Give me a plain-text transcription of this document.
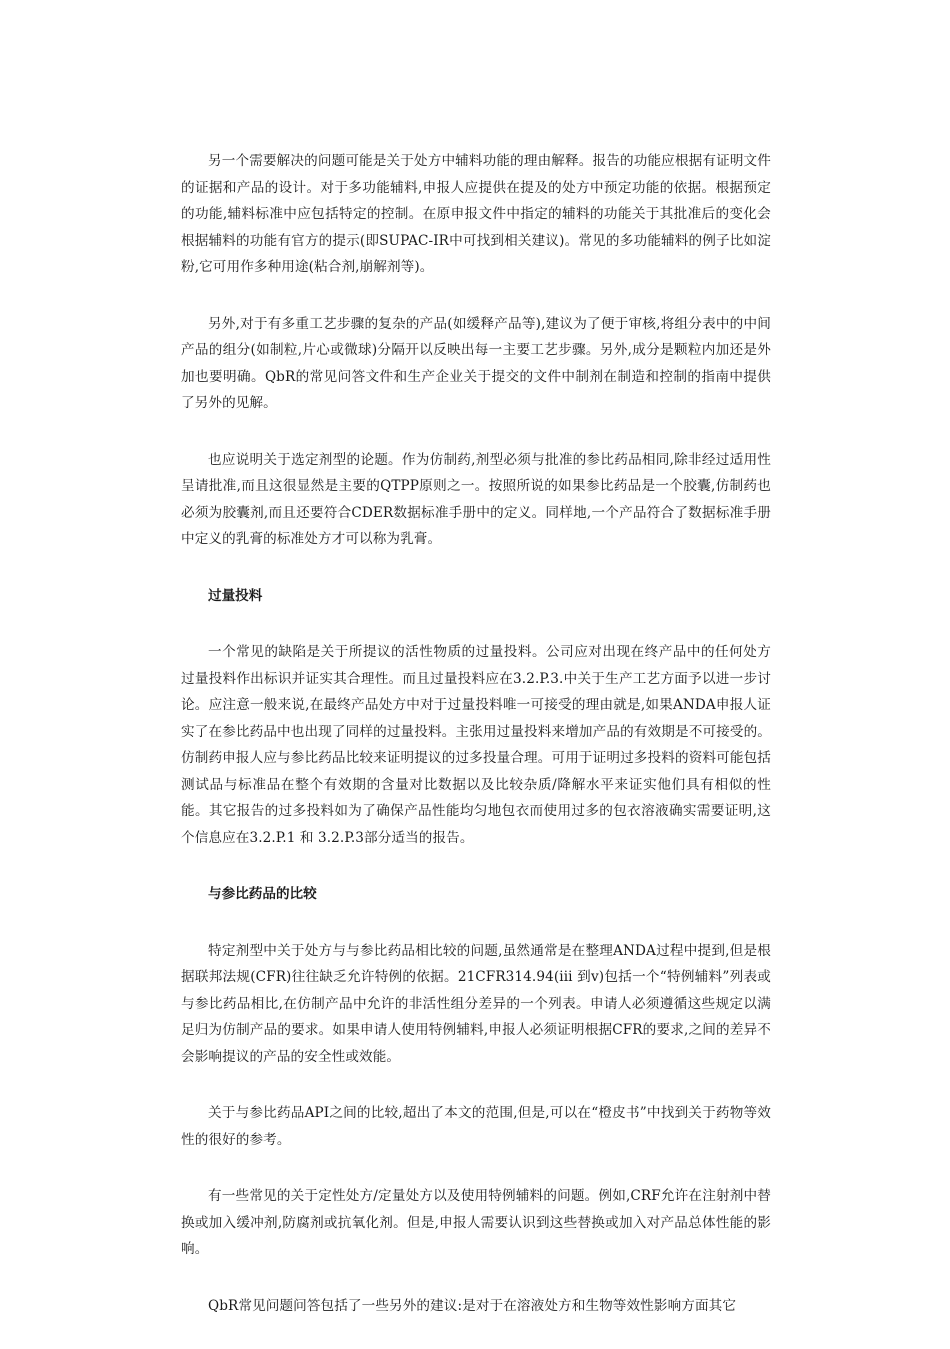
另一个需要解决的问题可能是关于处方中辅料功能的理由解释。报告的功能应根据有证明文件的证据和产品的设计。对于多功能辅料,申报人应提供在提及的处方中预定功能的依据。根据预定的功能,辅料标准中应包括特定的控制。在原申报文件中指定的辅料的功能关于其批准后的变化会根据辅料的功能有官方的提示(即SUPAC-IR中可找到相关建议)。常见的多功能辅料的例子比如淀粉,它可用作多种用途(粘合剂,崩解剂等)。

另外,对于有多重工艺步骤的复杂的产品(如缓释产品等),建议为了便于审核,将组分表中的中间产品的组分(如制粒,片心或微球)分隔开以反映出每一主要工艺步骤。另外,成分是颗粒内加还是外加也要明确。QbR的常见问答文件和生产企业关于提交的文件中制剂在制造和控制的指南中提供了另外的见解。

也应说明关于选定剂型的论题。作为仿制药,剂型必须与批准的参比药品相同,除非经过适用性呈请批准,而且这很显然是主要的QTPP原则之一。按照所说的如果参比药品是一个胶囊,仿制药也必须为胶囊剂,而且还要符合CDER数据标准手册中的定义。同样地,一个产品符合了数据标准手册中定义的乳膏的标准处方才可以称为乳膏。

过量投料

一个常见的缺陷是关于所提议的活性物质的过量投料。公司应对出现在终产品中的任何处方 过量投料作出标识并证实其合理性。而且过量投料应在3.2.P.3.中关于生产工艺方面予以进一步讨论。应注意一般来说,在最终产品处方中对于过量投料唯一可接受的理由就是,如果ANDA申报人证实了在参比药品中也出现了同样的过量投料。主张用过量投料来增加产品的有效期是不可接受的。仿制药申报人应与参比药品比较来证明提议的过多投量合理。可用于证明过多投料的资料可能包括测试品与标准品在整个有效期的含量对比数据以及比较杂质/降解水平来证实他们具有相似的性能。其它报告的过多投料如为了确保产品性能均匀地包衣而使用过多的包衣溶液确实需要证明,这个信息应在3.2.P.1 和 3.2.P.3部分适当的报告。

与参比药品的比较

特定剂型中关于处方与与参比药品相比较的问题,虽然通常是在整理ANDA过程中提到,但是根据联邦法规(CFR)往往缺乏允许特例的依据。21CFR314.94(iii 到v)包括一个“特例辅料”列表或与参比药品相比,在仿制产品中允许的非活性组分差异的一个列表。申请人必须遵循这些规定以满足归为仿制产品的要求。如果申请人使用特例辅料,申报人必须证明根据CFR的要求,之间的差异不会影响提议的产品的安全性或效能。

关于与参比药品API之间的比较,超出了本文的范围,但是,可以在“橙皮书”中找到关于药物等效性的很好的参考。

有一些常见的关于定性处方/定量处方以及使用特例辅料的问题。例如,CRF允许在注射剂中替换或加入缓冲剂,防腐剂或抗氧化剂。但是,申报人需要认识到这些替换或加入对产品总体性能的影响。

QbR常见问题问答包括了一些另外的建议:是对于在溶液处方和生物等效性影响方面其它
